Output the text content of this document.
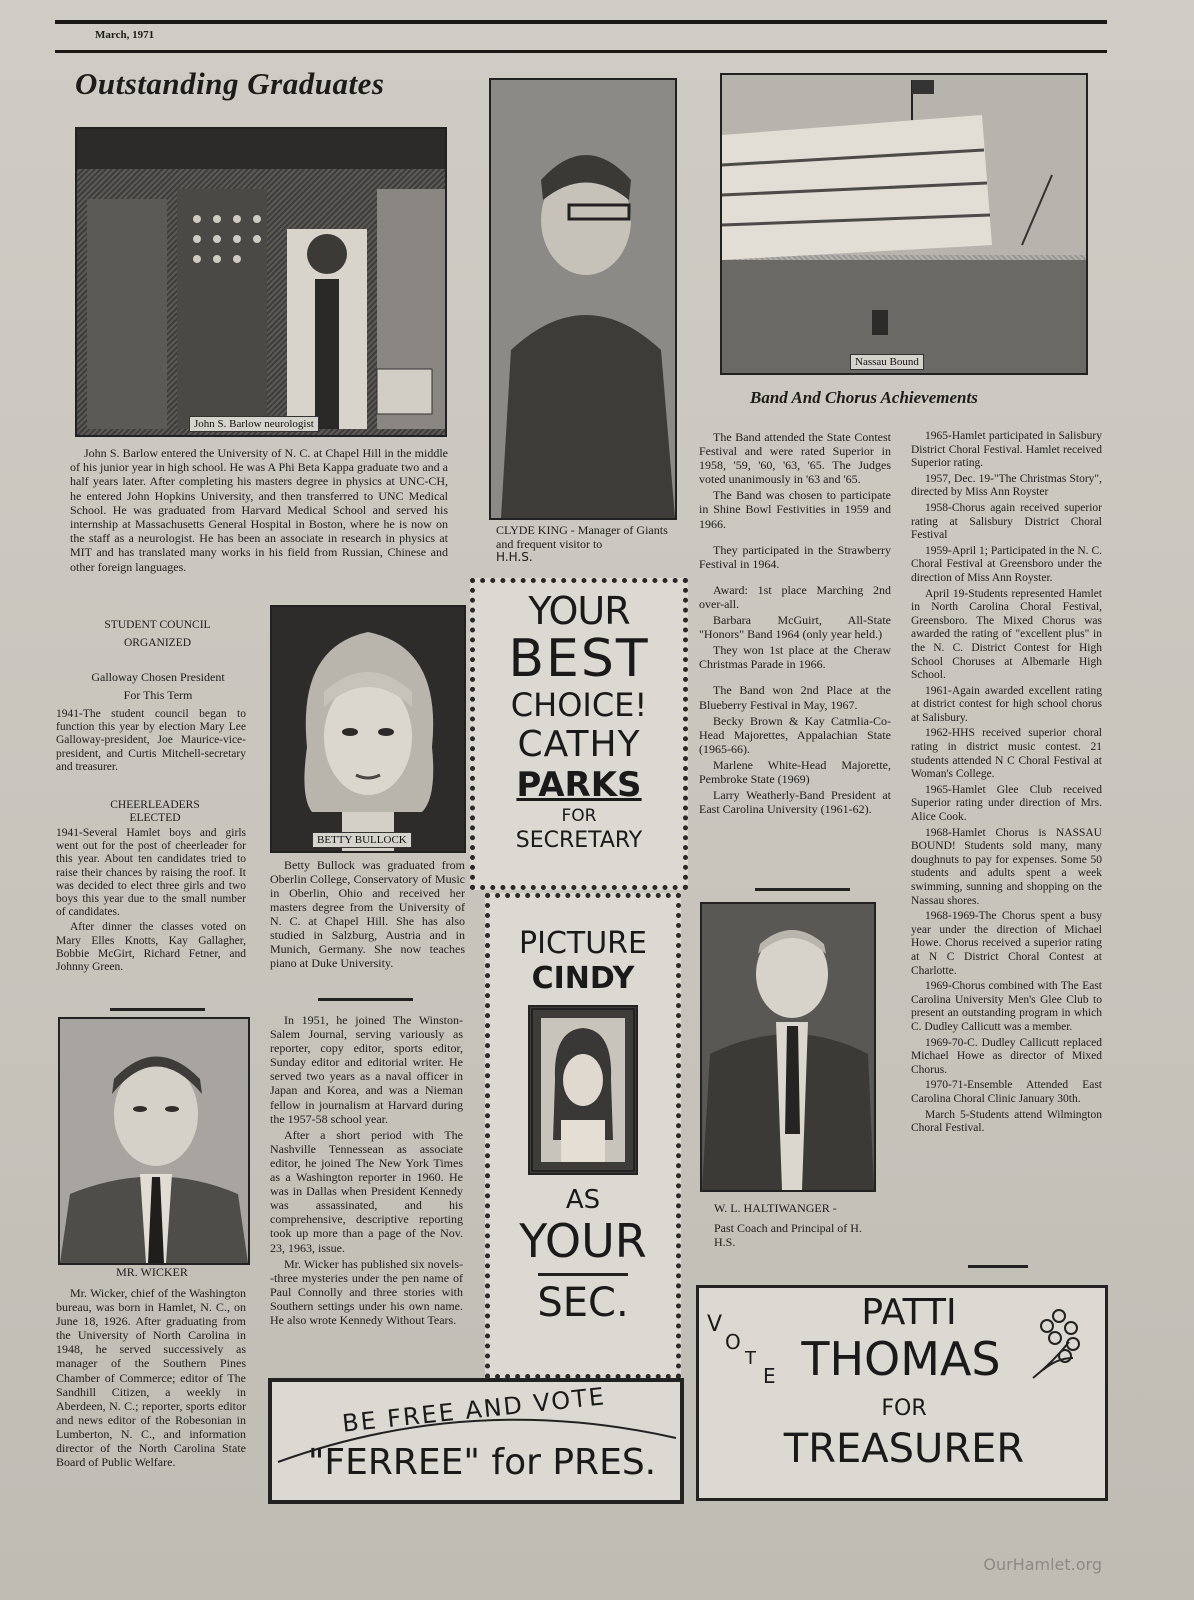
March, 1971
Outstanding Graduates
John S. Barlow neurologist

John S. Barlow entered the University of N. C. at Chapel Hill in the middle of his junior year in high school. He was A Phi Beta Kappa graduate two and a half years later. After completing his masters degree in physics at UNC-CH, he entered John Hopkins University, and then transferred to UNC Medical School. He was graduated from Harvard Medical School and served his internship at Massachusetts General Hospital in Boston, where he is now on the staff as a neurologist. He has been an associate in research in physics at MIT and has translated many works in his field from Russian, Chinese and other foreign languages.

CLYDE KING - Manager of Giants and frequent visitor to
H.H.S.
Nassau Bound
STUDENT COUNCIL
ORGANIZED
Galloway Chosen President
For This Term

1941-The student council began to function this year by election Mary Lee Galloway-president, Joe Maurice-vice-president, and Curtis Mitchell-secretary and treasurer.

CHEERLEADERS
ELECTED

1941-Several Hamlet boys and girls went out for the post of cheerleader for this year. About ten candidates tried to raise their chances by raising the roof. It was decided to elect three girls and two boys this year due to the small number of candidates.

After dinner the classes voted on Mary Elles Knotts, Kay Gallagher, Bobbie McGirt, Richard Fetner, and Johnny Green.

BETTY BULLOCK

Betty Bullock was graduated from Oberlin College, Conservatory of Music in Oberlin, Ohio and received her masters degree from the University of N. C. at Chapel Hill. She has also studied in Salzburg, Austria and in Munich, Germany. She now teaches piano at Duke University.

MR. WICKER

Mr. Wicker, chief of the Washington bureau, was born in Hamlet, N. C., on June 18, 1926. After graduating from the University of North Carolina in 1948, he served successively as manager of the Southern Pines Chamber of Commerce; editor of The Sandhill Citizen, a weekly in Aberdeen, N. C.; reporter, sports editor and news editor of the Robesonian in Lumberton, N. C., and information director of the North Carolina State Board of Public Welfare.

In 1951, he joined The Winston-Salem Journal, serving variously as reporter, copy editor, sports editor, Sunday editor and editorial writer. He served two years as a naval officer in Japan and Korea, and was a Nieman fellow in journalism at Harvard during the 1957-58 school year.

After a short period with The Nashville Tennessean as associate editor, he joined The New York Times as a Washington reporter in 1960. He was in Dallas when President Kennedy was assassinated, and his comprehensive, descriptive reporting took up more than a page of the Nov. 23, 1963, issue.

Mr. Wicker has published six novels--three mysteries under the pen name of Paul Connolly and three stories with Southern settings under his own name. He also wrote Kennedy Without Tears.

YOUR
BEST
CHOICE!
CATHY
PARKS
FOR
SECRETARY
PICTURE
CINDY
AS
YOUR
SEC.
BE FREE AND VOTE
"FERREE" for PRES.
Band And Chorus Achievements

The Band attended the State Contest Festival and were rated Superior in 1958, '59, '60, '63, '65. The Judges voted unanimously in '63 and '65.

The Band was chosen to participate in Shine Bowl Festivities in 1959 and 1966.

They participated in the Strawberry Festival in 1964.

Award: 1st place Marching 2nd over-all.

Barbara McGuirt, All-State "Honors" Band 1964 (only year held.)

They won 1st place at the Cheraw Christmas Parade in 1966.

The Band won 2nd Place at the Blueberry Festival in May, 1967.

Becky Brown & Kay Catmlia-Co-Head Majorettes, Appalachian State (1965-66).

Marlene White-Head Majorette, Pembroke State (1969)

Larry Weatherly-Band President at East Carolina University (1961-62).

1965-Hamlet participated in Salisbury District Choral Festival. Hamlet received Superior rating.

1957, Dec. 19-"The Christmas Story", directed by Miss Ann Royster

1958-Chorus again received superior rating at Salisbury District Choral Festival

1959-April 1; Participated in the N. C. Choral Festival at Greensboro under the direction of Miss Ann Royster.

April 19-Students represented Hamlet in North Carolina Choral Festival, Greensboro. The Mixed Chorus was awarded the rating of "excellent plus" in the N. C. District Contest for High School Choruses at Albemarle High School.

1961-Again awarded excellent rating at district contest for high school chorus at Salisbury.

1962-HHS received superior choral rating in district music contest. 21 students attended N C Choral Festival at Woman's College.

1965-Hamlet Glee Club received Superior rating under direction of Mrs. Alice Cook.

1968-Hamlet Chorus is NASSAU BOUND! Students sold many, many doughnuts to pay for expenses. Some 50 students and adults spent a week swimming, sunning and shopping on the Nassau shores.

1968-1969-The Chorus spent a busy year under the direction of Michael Howe. Chorus received a superior rating at N C District Choral Contest at Charlotte.

1969-Chorus combined with The East Carolina University Men's Glee Club to present an outstanding program in which C. Dudley Callicutt was a member.

1969-70-C. Dudley Callicutt replaced Michael Howe as director of Mixed Chorus.

1970-71-Ensemble Attended East Carolina Choral Clinic January 30th.

March 5-Students attend Wilmington Choral Festival.

W. L. HALTIWANGER -
Past Coach and Principal of H. H.S.
V
O
T
E
PATTI
THOMAS
FOR
TREASURER
OurHamlet.org
